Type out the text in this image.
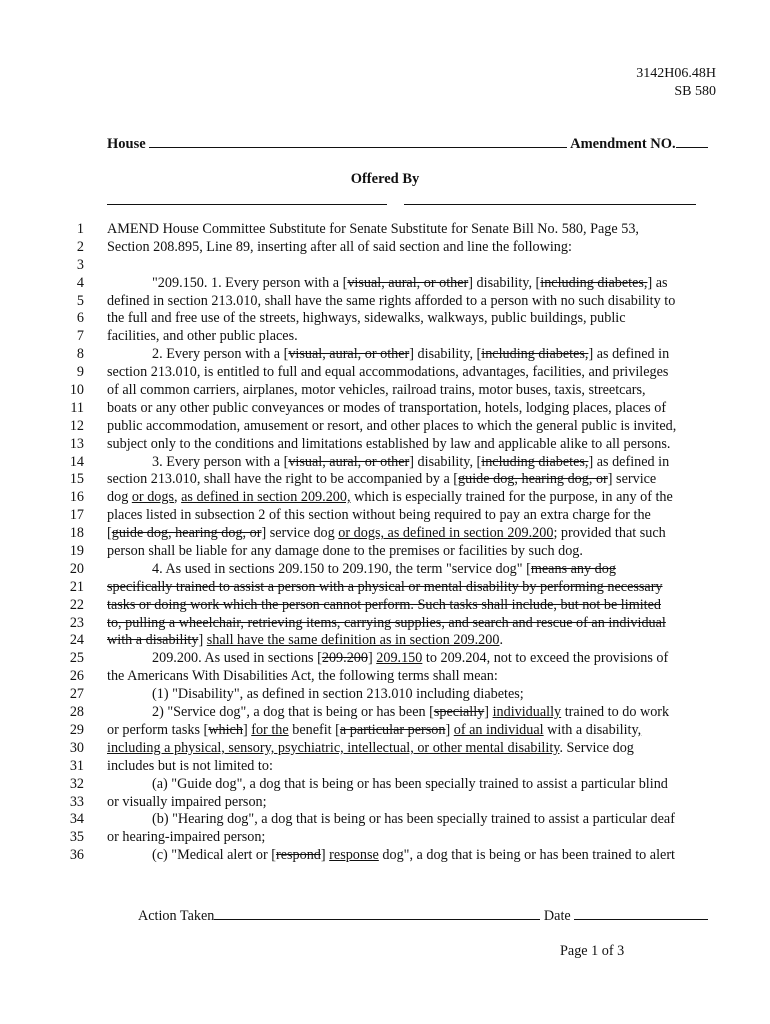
3142H06.48H
SB 580
House	Amendment NO.
Offered By
1 AMEND House Committee Substitute for Senate Substitute for Senate Bill No. 580, Page 53,
2 Section 208.895, Line 89, inserting after all of said section and line the following:
3
4	"209.150. 1. Every person with a [visual, aural, or other] disability, [including diabetes,] as
5 defined in section 213.010, shall have the same rights afforded to a person with no such disability to
6 the full and free use of the streets, highways, sidewalks, walkways, public buildings, public
7 facilities, and other public places.
8	2. Every person with a [visual, aural, or other] disability, [including diabetes,] as defined in
9 section 213.010, is entitled to full and equal accommodations, advantages, facilities, and privileges
10 of all common carriers, airplanes, motor vehicles, railroad trains, motor buses, taxis, streetcars,
11 boats or any other public conveyances or modes of transportation, hotels, lodging places, places of
12 public accommodation, amusement or resort, and other places to which the general public is invited,
13 subject only to the conditions and limitations established by law and applicable alike to all persons.
14	3. Every person with a [visual, aural, or other] disability, [including diabetes,] as defined in
15 section 213.010, shall have the right to be accompanied by a [guide dog, hearing dog, or] service
16 dog or dogs, as defined in section 209.200, which is especially trained for the purpose, in any of the
17 places listed in subsection 2 of this section without being required to pay an extra charge for the
18 [guide dog, hearing dog, or] service dog or dogs, as defined in section 209.200; provided that such
19 person shall be liable for any damage done to the premises or facilities by such dog.
20	4. As used in sections 209.150 to 209.190, the term "service dog" [means any dog
21 specifically trained to assist a person with a physical or mental disability by performing necessary
22 tasks or doing work which the person cannot perform. Such tasks shall include, but not be limited
23 to, pulling a wheelchair, retrieving items, carrying supplies, and search and rescue of an individual
24 with a disability] shall have the same definition as in section 209.200.
25	209.200. As used in sections [209.200] 209.150 to 209.204, not to exceed the provisions of
26 the Americans With Disabilities Act, the following terms shall mean:
27	(1) "Disability", as defined in section 213.010 including diabetes;
28	2) "Service dog", a dog that is being or has been [specially] individually trained to do work
29 or perform tasks [which] for the benefit [a particular person] of an individual with a disability,
30 including a physical, sensory, psychiatric, intellectual, or other mental disability. Service dog
31 includes but is not limited to:
32	(a) "Guide dog", a dog that is being or has been specially trained to assist a particular blind
33 or visually impaired person;
34	(b) "Hearing dog", a dog that is being or has been specially trained to assist a particular deaf
35 or hearing-impaired person;
36	(c) "Medical alert or [respond] response dog", a dog that is being or has been trained to alert
Action Taken	Date
Page 1 of 3
